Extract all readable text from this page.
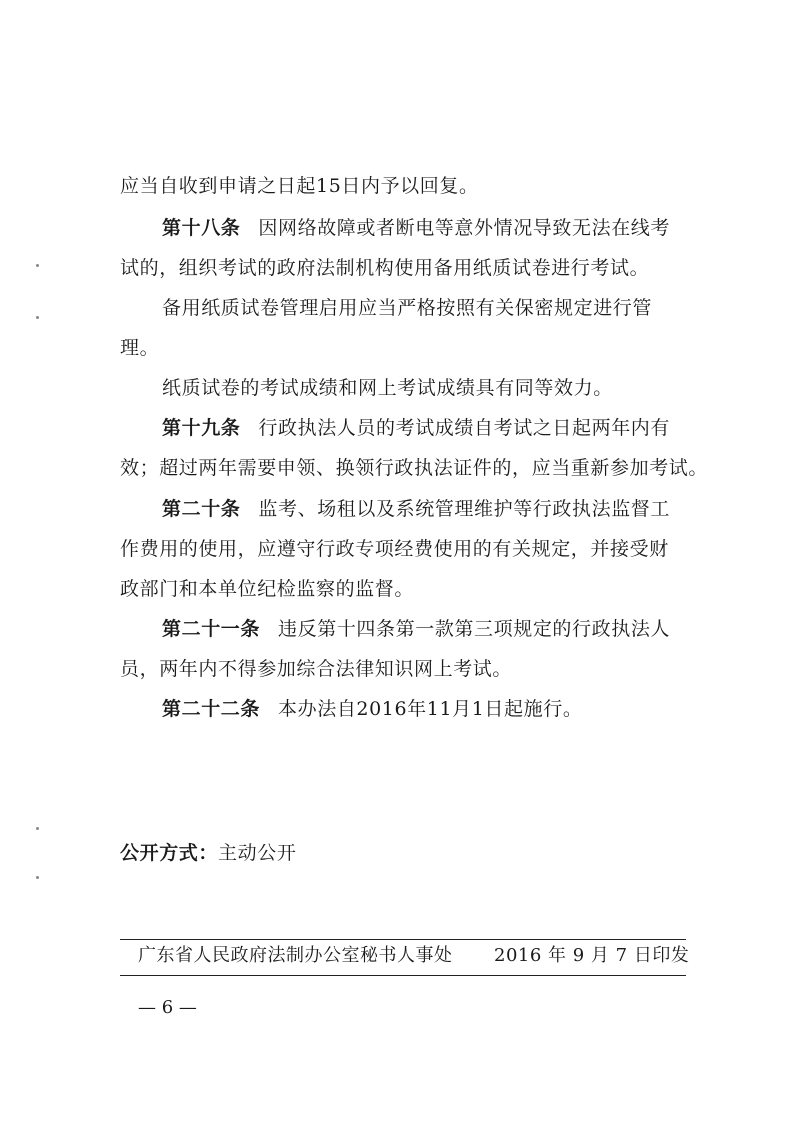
应当自收到申请之日起15日内予以回复。
第十八条 因网络故障或者断电等意外情况导致无法在线考
试的，组织考试的政府法制机构使用备用纸质试卷进行考试。
备用纸质试卷管理启用应当严格按照有关保密规定进行管
理。
纸质试卷的考试成绩和网上考试成绩具有同等效力。
第十九条 行政执法人员的考试成绩自考试之日起两年内有
效；超过两年需要申领、换领行政执法证件的，应当重新参加考试。
第二十条 监考、场租以及系统管理维护等行政执法监督工
作费用的使用，应遵守行政专项经费使用的有关规定，并接受财
政部门和本单位纪检监察的监督。
第二十一条 违反第十四条第一款第三项规定的行政执法人
员，两年内不得参加综合法律知识网上考试。
第二十二条 本办法自2016年11月1日起施行。
公开方式：主动公开
广东省人民政府法制办公室秘书人事处 2016 年 9 月 7 日印发
— 6 —
